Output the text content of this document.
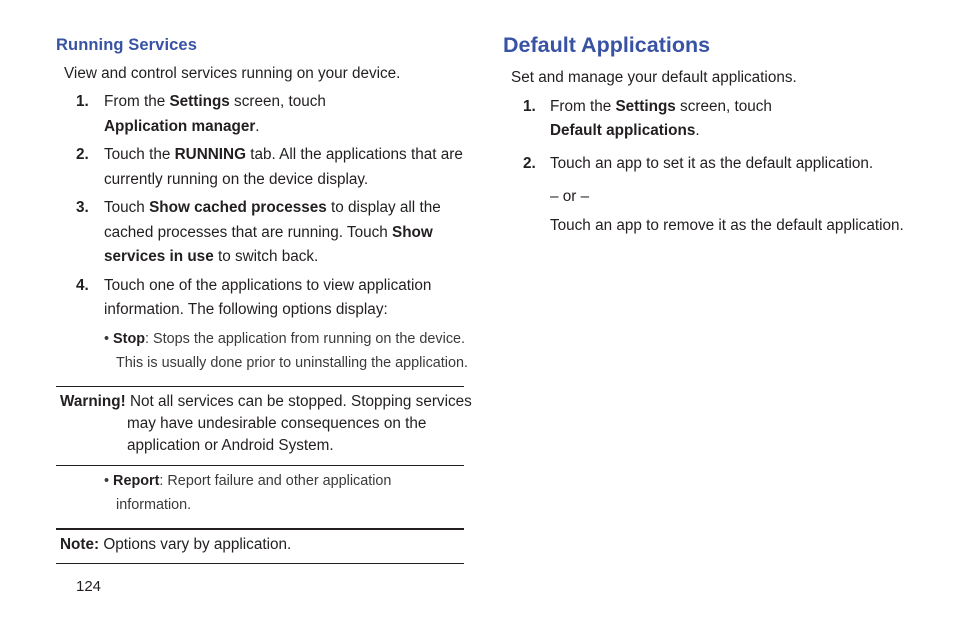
Running Services
View and control services running on your device.
1. From the Settings screen, touch
Application manager.
2. Touch the RUNNING tab. All the applications that are
currently running on the device display.
3. Touch Show cached processes to display all the
cached processes that are running. Touch Show
services in use to switch back.
4. Touch one of the applications to view application
information. The following options display:
• Stop: Stops the application from running on the device.
This is usually done prior to uninstalling the application.
Warning! Not all services can be stopped. Stopping services
may have undesirable consequences on the
application or Android System.
• Report: Report failure and other application
information.
Note: Options vary by application.
124
Default Applications
Set and manage your default applications.
1. From the Settings screen, touch
Default applications.
2. Touch an app to set it as the default application.
– or –
Touch an app to remove it as the default application.
